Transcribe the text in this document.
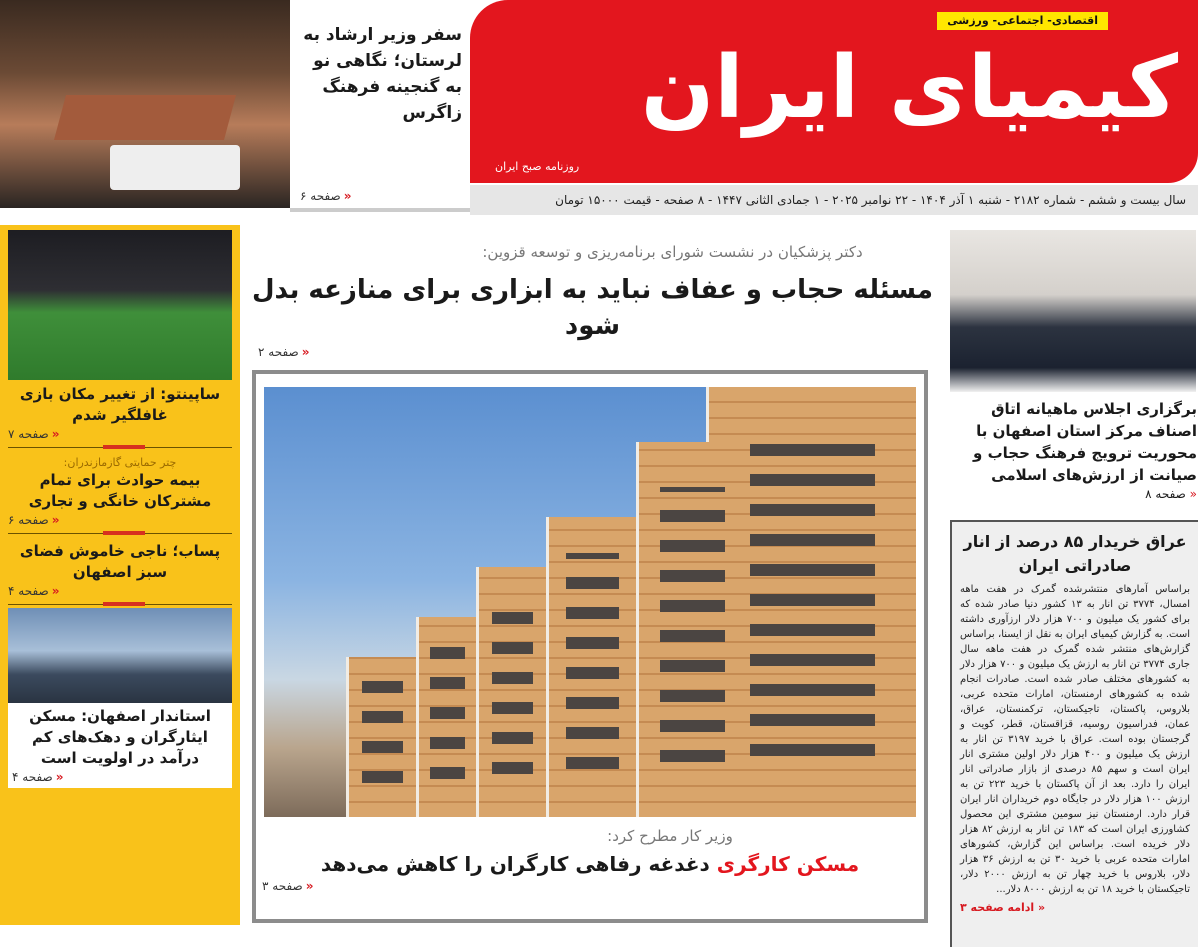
سفر وزیر ارشاد به لرستان؛ نگاهی نو به گنجینه فرهنگ زاگرس
«صفحه ۶
اقتصادی- اجتماعی- ورزشی
کیمیای ایران
روزنامه صبح ایران
سال بیست و ششم - شماره ۲۱۸۲ - شنبه ۱ آذر ۱۴۰۴ - ۲۲ نوامبر ۲۰۲۵ - ۱ جمادی الثانی ۱۴۴۷ - ۸ صفحه - قیمت ۱۵۰۰۰ تومان
ساپینتو: از تغییر مکان بازی غافلگیر شدم
«صفحه ۷
چتر حمایتی گازمازندران:
بیمه حوادث برای تمام مشترکان خانگی و تجاری
«صفحه ۶
پساب؛ ناجی خاموش فضای سبز اصفهان
«صفحه ۴
استاندار اصفهان: مسکن ایثارگران و دهک‌های کم درآمد در اولویت است
«صفحه ۴
دکتر پزشکیان در نشست شورای برنامه‌ریزی و توسعه قزوین:
مسئله حجاب و عفاف نباید به ابزاری برای منازعه بدل شود
«صفحه ۲
وزیر کار مطرح کرد:
مسکن کارگری دغدغه رفاهی کارگران را کاهش می‌دهد
«صفحه ۳
برگزاری اجلاس ماهیانه اتاق اصناف مرکز استان اصفهان با محوریت ترویج فرهنگ حجاب و صیانت از ارزش‌های اسلامی
« صفحه ۸
عراق خریدار ۸۵ درصد از انار صادراتی ایران
براساس آمارهای منتشرشده گمرک در هفت ماهه امسال، ۳۷۷۴ تن انار به ۱۳ کشور دنیا صادر شده که برای کشور یک میلیون و ۷۰۰ هزار دلار ارزآوری داشته است. به گزارش کیمیای ایران به نقل از ایسنا، براساس گزارش‌های منتشر شده گمرک در هفت ماهه سال جاری ۳۷۷۴ تن انار به ارزش یک میلیون و ۷۰۰ هزار دلار به کشورهای مختلف صادر شده است. صادرات انجام شده به کشورهای ارمنستان، امارات متحده عربی، بلاروس، پاکستان، تاجیکستان، ترکمنستان، عراق، عمان، فدراسیون روسیه، قزاقستان، قطر، کویت و گرجستان بوده است. عراق با خرید ۳۱۹۷ تن انار به ارزش یک میلیون و ۴۰۰ هزار دلار اولین مشتری انار ایران است و سهم ۸۵ درصدی از بازار صادراتی انار ایران را دارد. بعد از آن پاکستان با خرید ۲۲۳ تن به ارزش ۱۰۰ هزار دلار در جایگاه دوم خریداران انار ایران قرار دارد. ارمنستان نیز سومین مشتری این محصول کشاورزی ایران است که ۱۸۳ تن انار به ارزش ۸۲ هزار دلار خریده است. براساس این گزارش، کشورهای امارات متحده عربی با خرید ۳۰ تن به ارزش ۳۶ هزار دلار، بلاروس با خرید چهار تن به ارزش ۲۰۰۰ دلار، تاجیکستان با خرید ۱۸ تن به ارزش ۸۰۰۰ دلار...
« ادامه صفحه ۳
